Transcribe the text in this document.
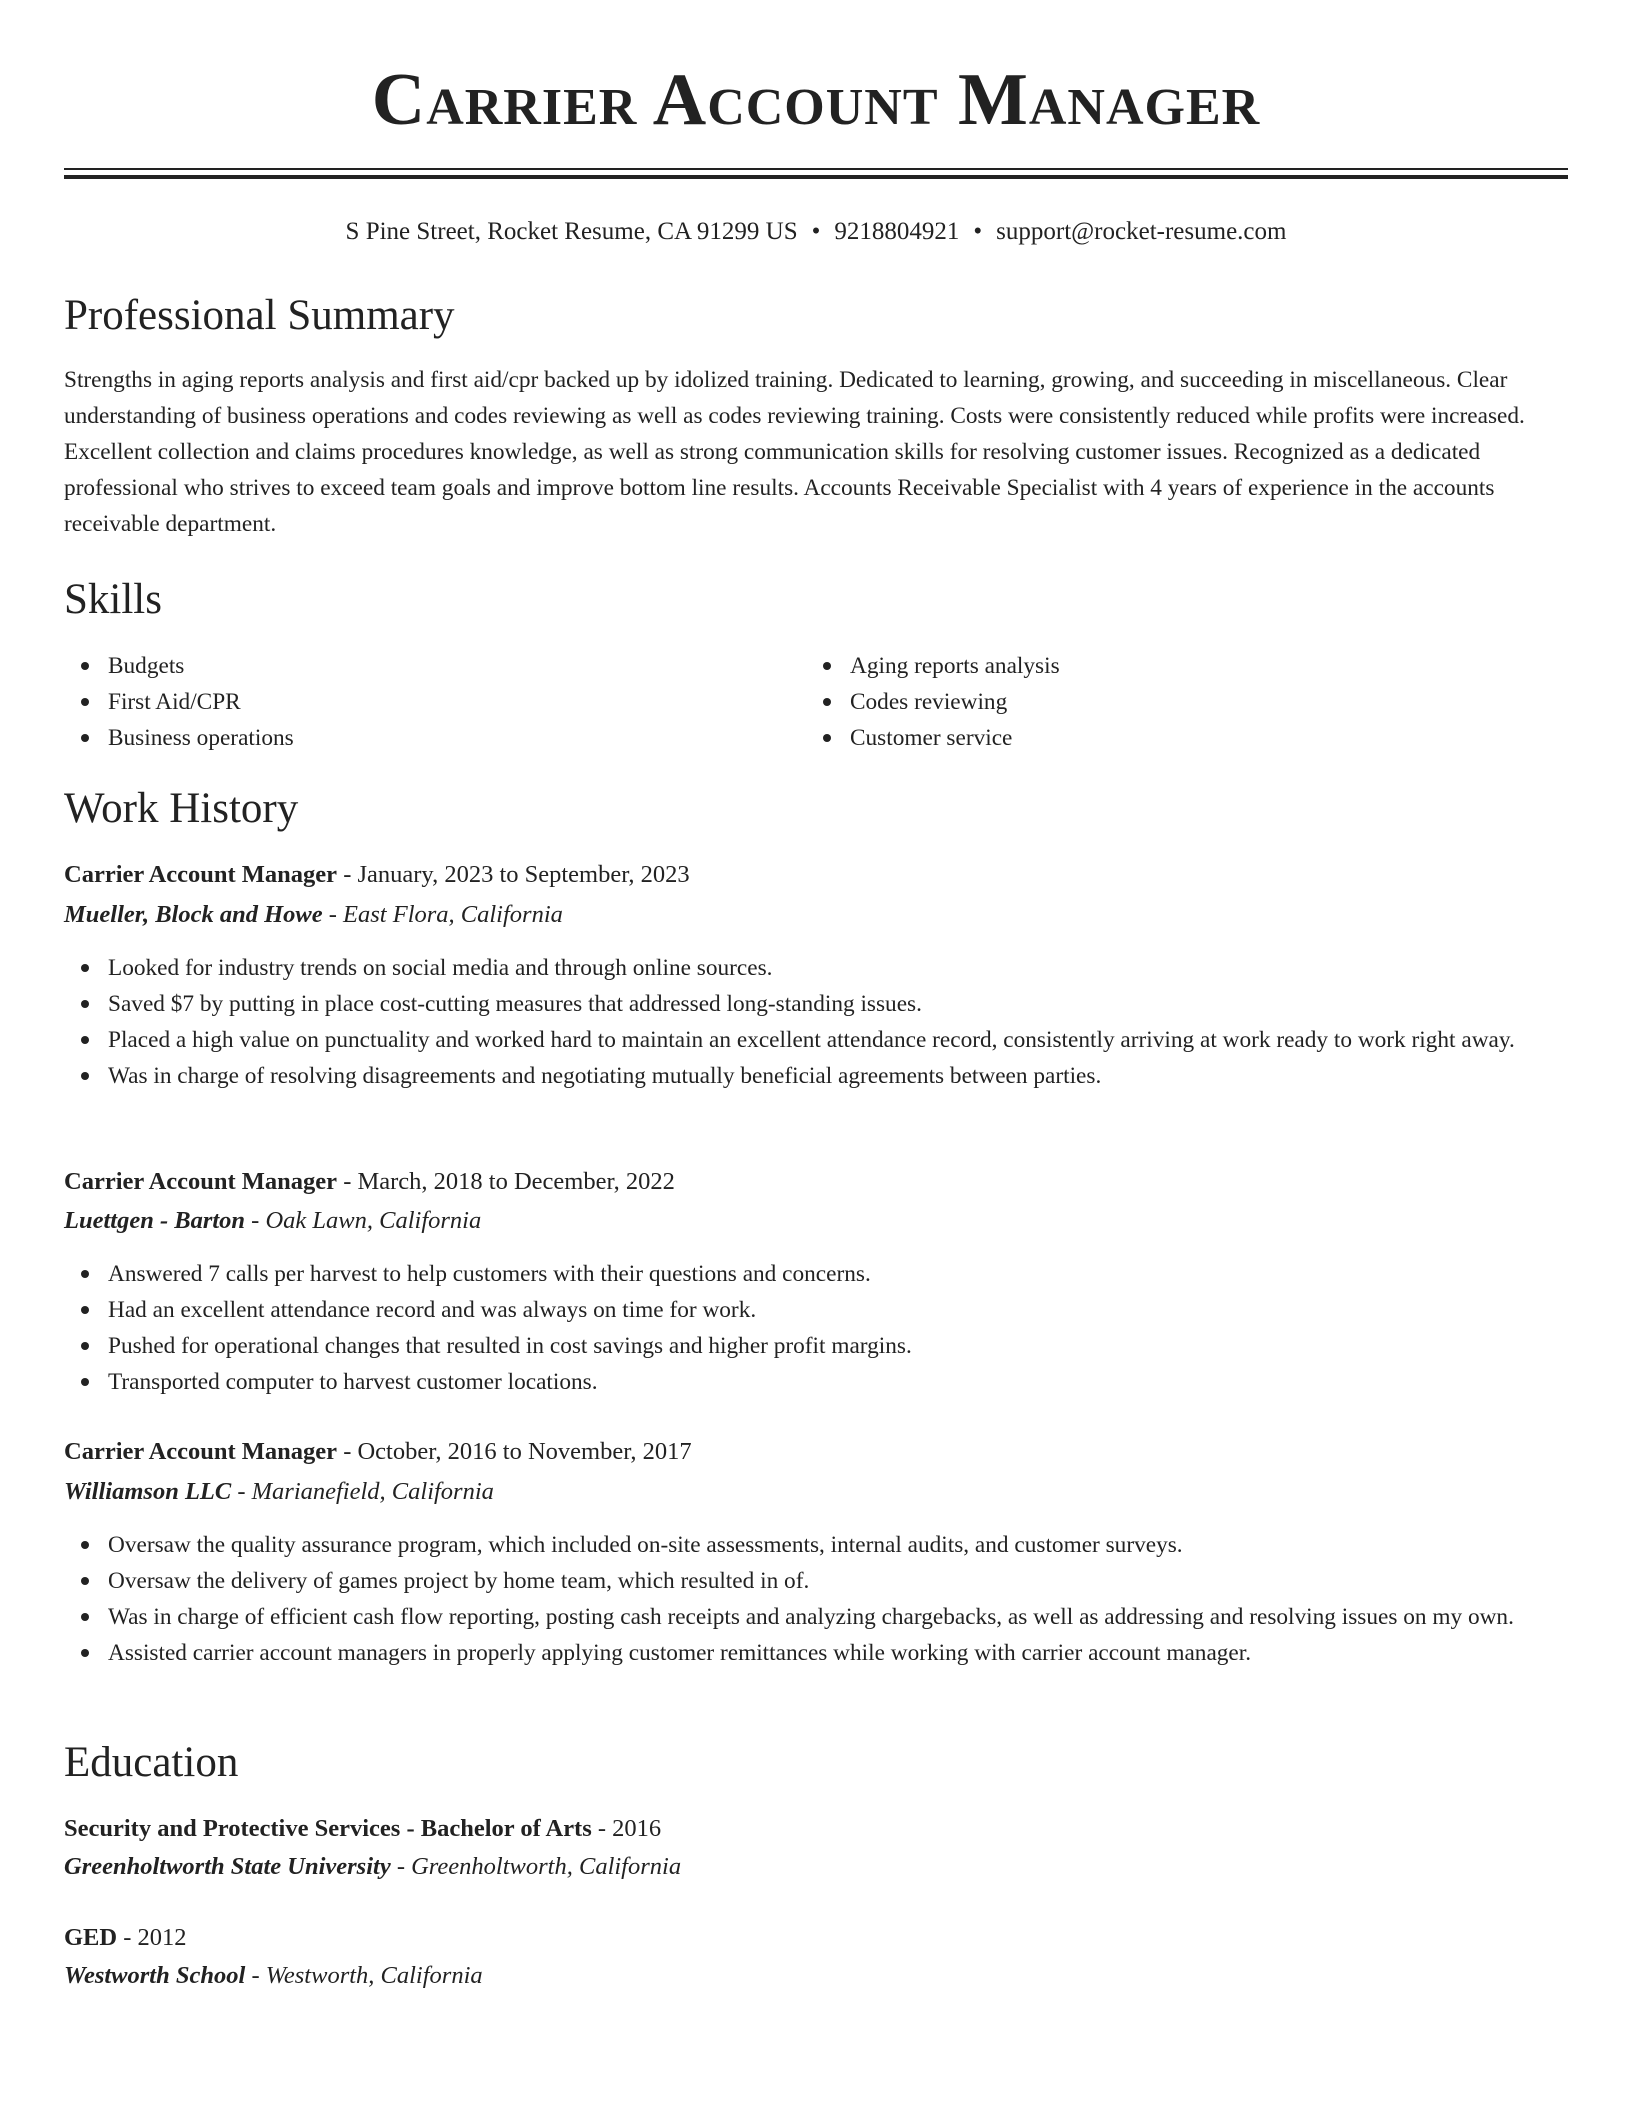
Carrier Account Manager
S Pine Street, Rocket Resume, CA 91299 US • 9218804921 • support@rocket-resume.com
Professional Summary

Strengths in aging reports analysis and first aid/cpr backed up by idolized training. Dedicated to learning, growing, and succeeding in miscellaneous. Clear understanding of business operations and codes reviewing as well as codes reviewing training. Costs were consistently reduced while profits were increased. Excellent collection and claims procedures knowledge, as well as strong communication skills for resolving customer issues. Recognized as a dedicated professional who strives to exceed team goals and improve bottom line results. Accounts Receivable Specialist with 4 years of experience in the accounts receivable department.

Skills
Budgets
First Aid/CPR
Business operations
Aging reports analysis
Codes reviewing
Customer service
Work History
Carrier Account Manager - January, 2023 to September, 2023
Mueller, Block and Howe - East Flora, California
Looked for industry trends on social media and through online sources.
Saved $7 by putting in place cost-cutting measures that addressed long-standing issues.
Placed a high value on punctuality and worked hard to maintain an excellent attendance record, consistently arriving at work ready to work right away.
Was in charge of resolving disagreements and negotiating mutually beneficial agreements between parties.
Carrier Account Manager - March, 2018 to December, 2022
Luettgen - Barton - Oak Lawn, California
Answered 7 calls per harvest to help customers with their questions and concerns.
Had an excellent attendance record and was always on time for work.
Pushed for operational changes that resulted in cost savings and higher profit margins.
Transported computer to harvest customer locations.
Carrier Account Manager - October, 2016 to November, 2017
Williamson LLC - Marianefield, California
Oversaw the quality assurance program, which included on-site assessments, internal audits, and customer surveys.
Oversaw the delivery of games project by home team, which resulted in of.
Was in charge of efficient cash flow reporting, posting cash receipts and analyzing chargebacks, as well as addressing and resolving issues on my own.
Assisted carrier account managers in properly applying customer remittances while working with carrier account manager.
Education
Security and Protective Services - Bachelor of Arts - 2016
Greenholtworth State University - Greenholtworth, California
GED - 2012
Westworth School - Westworth, California
